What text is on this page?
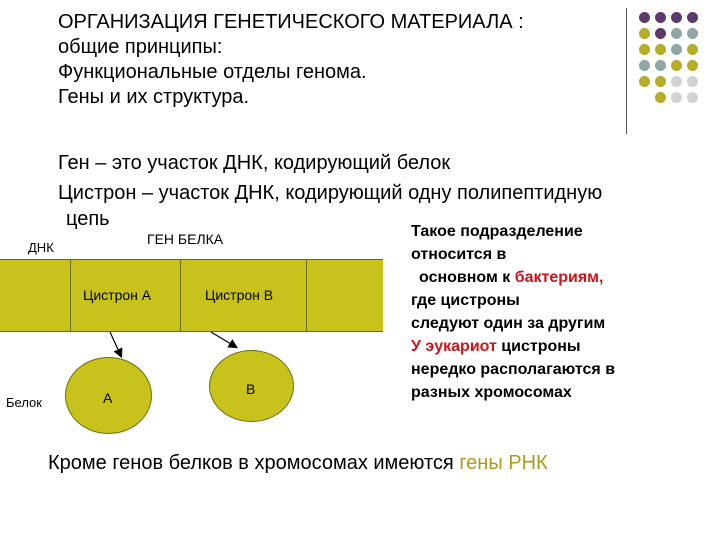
ОРГАНИЗАЦИЯ ГЕНЕТИЧЕСКОГО МАТЕРИАЛА :
общие принципы:
Функциональные отделы генома.
Гены и их структура.
Ген – это участок ДНК, кодирующий белок
Цистрон – участок ДНК, кодирующий одну полипептидную
цепь
ГЕН БЕЛКА
ДНК
Цистрон А	Цистрон В
А
В
Белок
Такое подразделение
относится в
основном к бактериям,
где цистроны
следуют один за другим
У эукариот цистроны
нередко располагаются в
разных хромосомах
Кроме генов белков в хромосомах имеются гены РНК
